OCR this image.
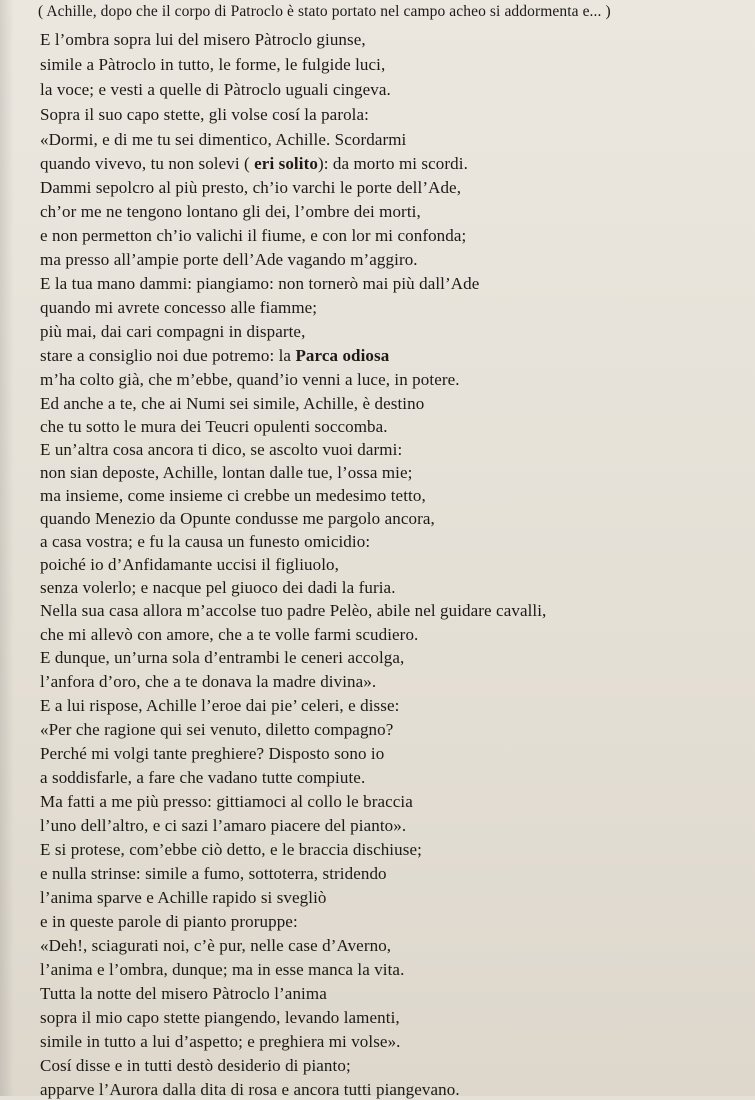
( Achille, dopo che il corpo di Patroclo è stato portato nel campo acheo si addormenta e... )
E l’ombra sopra lui del misero Pàtroclo giunse,
simile a Pàtroclo in tutto, le forme, le fulgide luci,
la voce; e vesti a quelle di Pàtroclo uguali cingeva.
Sopra il suo capo stette, gli volse cosí la parola:
«Dormi, e di me tu sei dimentico, Achille. Scordarmi
quando vivevo, tu non solevi ( eri solito): da morto mi scordi.
Dammi sepolcro al più presto, ch’io varchi le porte dell’Ade,
ch’or me ne tengono lontano gli dei, l’ombre dei morti,
e non permetton ch’io valichi il fiume, e con lor mi confonda;
ma presso all’ampie porte dell’Ade vagando m’aggiro.
E la tua mano dammi: piangiamo: non tornerò mai più dall’Ade
quando mi avrete concesso alle fiamme;
più mai, dai cari compagni in disparte,
stare a consiglio noi due potremo: la Parca odiosa
m’ha colto già, che m’ebbe, quand’io venni a luce, in potere.
Ed anche a te, che ai Numi sei simile, Achille, è destino
che tu sotto le mura dei Teucri opulenti soccomba.
E un’altra cosa ancora ti dico, se ascolto vuoi darmi:
non sian deposte, Achille, lontan dalle tue, l’ossa mie;
ma insieme, come insieme ci crebbe un medesimo tetto,
quando Menezio da Opunte condusse me pargolo ancora,
a casa vostra; e fu la causa un funesto omicidio:
poiché io d’Anfidamante uccisi il figliuolo,
senza volerlo; e nacque pel giuoco dei dadi la furia.
Nella sua casa allora m’accolse tuo padre Pelèo, abile nel guidare cavalli,
che mi allevò con amore, che a te volle farmi scudiero.
E dunque, un’urna sola d’entrambi le ceneri accolga,
l’anfora d’oro, che a te donava la madre divina».
E a lui rispose, Achille l’eroe dai pie’ celeri, e disse:
«Per che ragione qui sei venuto, diletto compagno?
Perché mi volgi tante preghiere? Disposto sono io
a soddisfarle, a fare che vadano tutte compiute.
Ma fatti a me più presso: gittiamoci al collo le braccia
l’uno dell’altro, e ci sazi l’amaro piacere del pianto».
E si protese, com’ebbe ciò detto, e le braccia dischiuse;
e nulla strinse: simile a fumo, sottoterra, stridendo
l’anima sparve e Achille rapido si svegliò
e in queste parole di pianto proruppe:
«Deh!, sciagurati noi, c’è pur, nelle case d’Averno,
l’anima e l’ombra, dunque; ma in esse manca la vita.
Tutta la notte del misero Pàtroclo l’anima
sopra il mio capo stette piangendo, levando lamenti,
simile in tutto a lui d’aspetto; e preghiera mi volse».
Cosí disse e in tutti destò desiderio di pianto;
apparve l’Aurora dalla dita di rosa e ancora tutti piangevano.
